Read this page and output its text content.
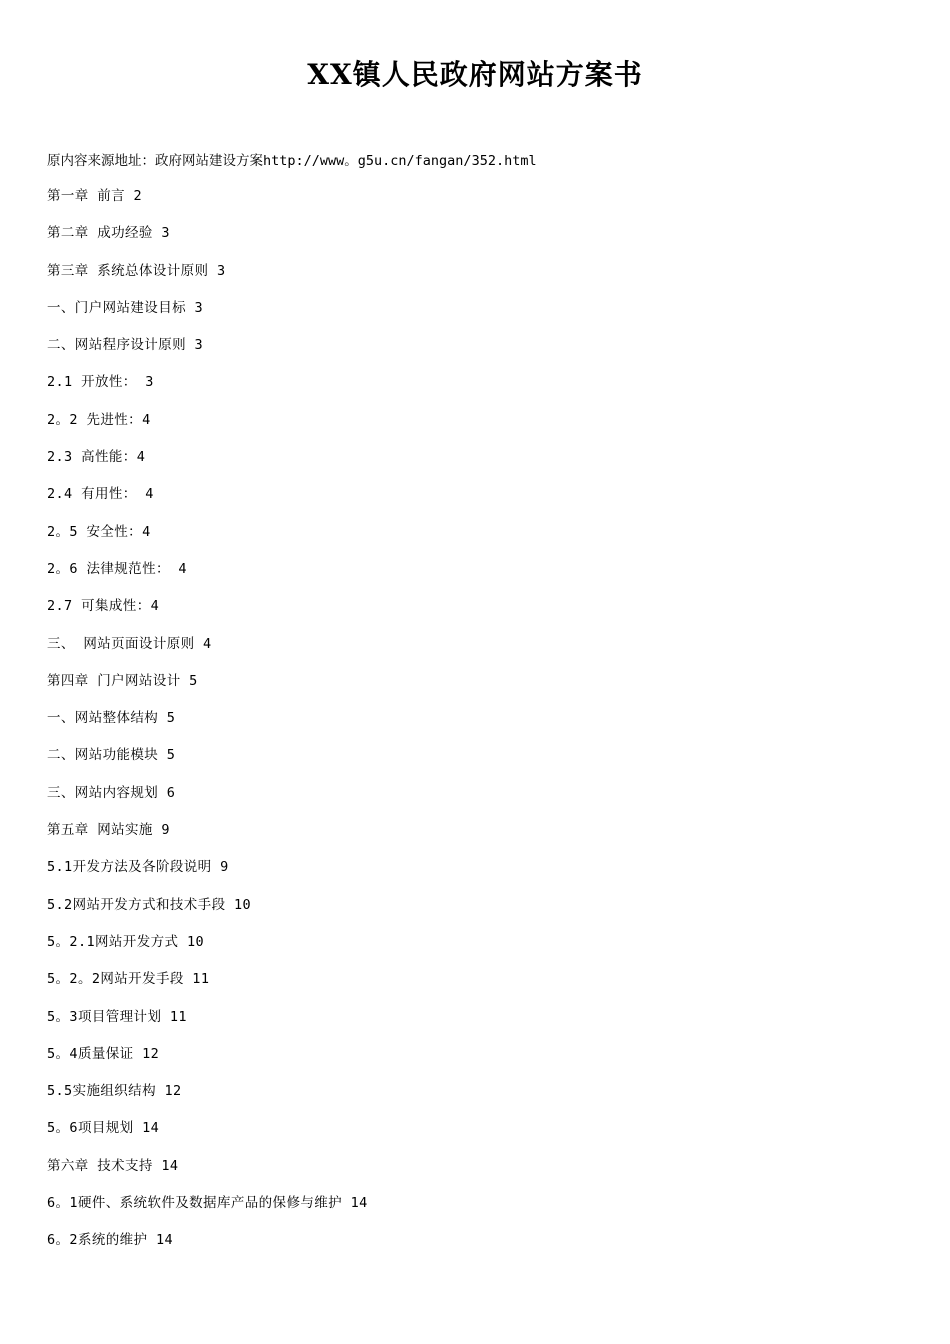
XX镇人民政府网站方案书

原内容来源地址：政府网站建设方案http://www。g5u.cn/fangan/352.html

第一章 前言 2
第二章 成功经验 3
第三章 系统总体设计原则 3
一、门户网站建设目标 3
二、网站程序设计原则 3
2.1 开放性： 3
2。2 先进性：4
2.3 高性能：4
2.4 有用性： 4
2。5 安全性：4
2。6 法律规范性： 4
2.7 可集成性：4
三、 网站页面设计原则 4
第四章 门户网站设计 5
一、网站整体结构 5
二、网站功能模块 5
三、网站内容规划 6
第五章 网站实施 9
5.1开发方法及各阶段说明 9
5.2网站开发方式和技术手段 10
5。2.1网站开发方式 10
5。2。2网站开发手段 11
5。3项目管理计划 11
5。4质量保证 12
5.5实施组织结构 12
5。6项目规划 14
第六章 技术支持 14
6。1硬件、系统软件及数据库产品的保修与维护 14
6。2系统的维护 14
